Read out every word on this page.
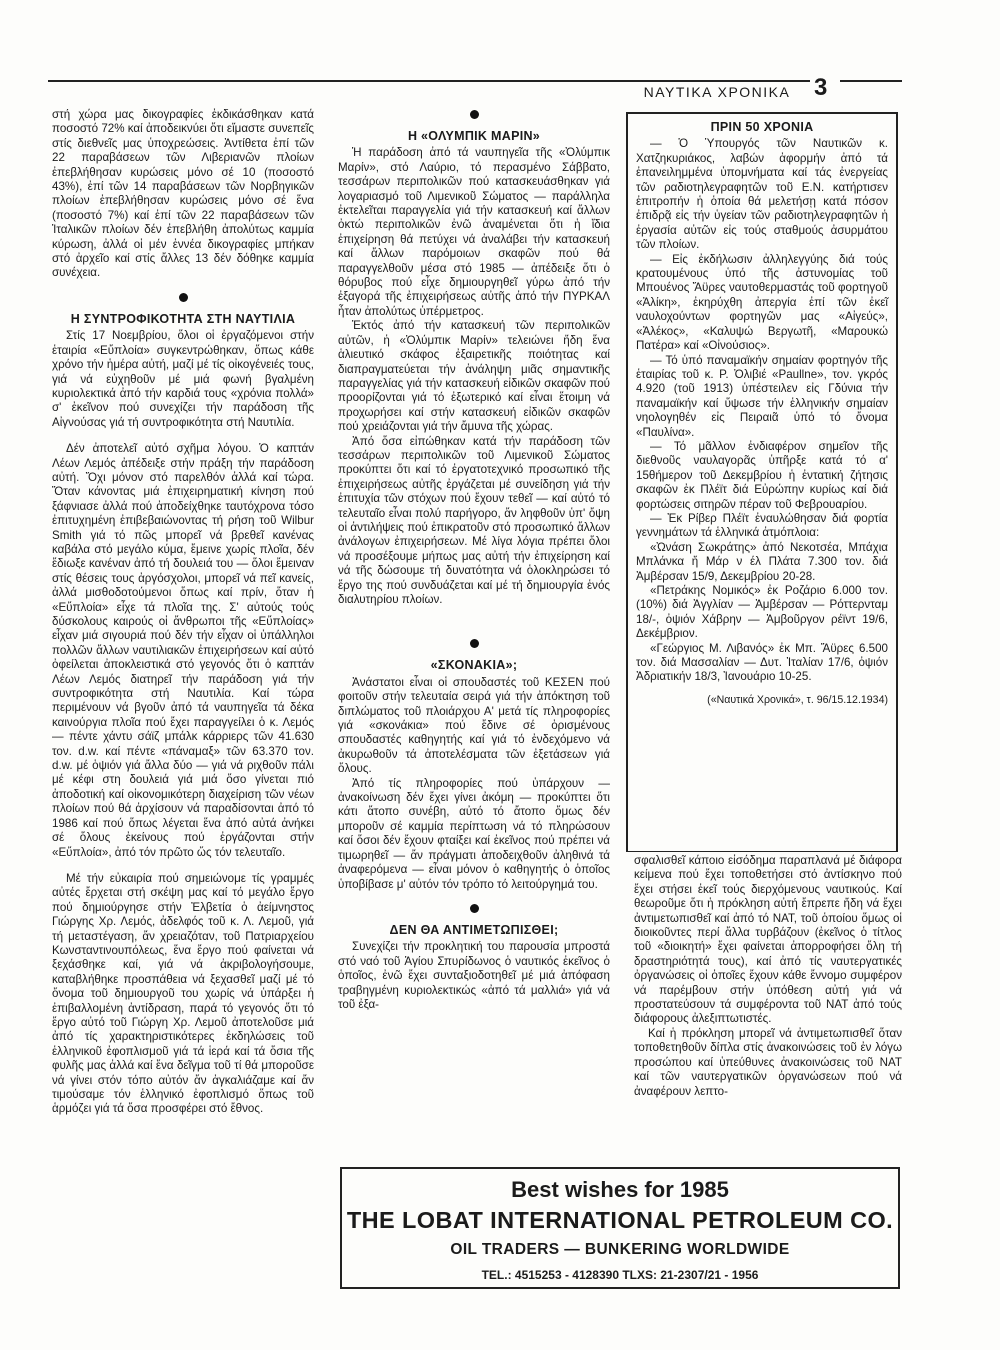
ΝΑΥΤΙΚΑ ΧΡΟΝΙΚΑ 3

στή χώρα μας δικογραφίες ἐκδικάσθηκαν κατά ποσοστό 72% καί ἀποδεικνύει ὅτι εἴμαστε συνεπεῖς στίς διεθνεῖς μας ὑποχρεώσεις. Ἀντίθετα ἐπί τῶν 22 παραβάσεων τῶν Λιβεριανῶν πλοίων ἐπεβλήθησαν κυρώσεις μόνο σέ 10 (ποσοστό 43%), ἐπί τῶν 14 παραβάσεων τῶν Νορβηγικῶν πλοίων ἐπεβλήθησαν κυρώσεις μόνο σέ ἕνα (ποσοστό 7%) καί ἐπί τῶν 22 παραβάσεων τῶν Ἰταλικῶν πλοίων δέν ἐπεβλήθη ἀπολύτως καμμία κύρωση, ἀλλά οἱ μέν ἐννέα δικογραφίες μπήκαν στό ἀρχεῖο καί στίς ἄλλες 13 δέν δόθηκε καμμία συνέχεια.

Η ΣΥΝΤΡΟΦΙΚΟΤΗΤΑ ΣΤΗ ΝΑΥΤΙΛΙΑ

Στίς 17 Νοεμβρίου, ὅλοι οἱ ἐργαζόμενοι στήν ἑταιρία «Εὔπλοία» συγκεντρώθηκαν, ὅπως κάθε χρόνο τήν ἡμέρα αὐτή, μαζί μέ τίς οἰκογένειές τους, γιά νά εὐχηθοῦν μέ μιά φωνή βγαλμένη κυριολεκτικά ἀπό τήν καρδιά τους «χρόνια πολλά» σ' ἐκεῖνον πού συνεχίζει τήν παράδοση τῆς Αἰγνούσας γιά τή συντροφικότητα στή Ναυτιλία.

Δέν ἀποτελεῖ αὐτό σχῆμα λόγου. Ὁ καπτάν Λέων Λεμός ἀπέδειξε στήν πράξη τήν παράδοση αὐτή. Ὄχι μόνον στό παρελθόν ἀλλά καί τώρα. Ὅταν κάνοντας μιά ἐπιχειρηματική κίνηση πού ξάφνιασε ἀλλά πού ἀποδείχθηκε ταυτόχρονα τόσο ἐπιτυχημένη ἐπιβεβαιώνοντας τή ρήση τοῦ Wilbur Smith γιά τό πῶς μπορεῖ νά βρεθεῖ κανένας καβάλα στό μεγάλο κύμα, ἔμεινε χωρίς πλοῖα, δέν ἔδιωξε κανέναν ἀπό τή δουλειά του — ὅλοι ἔμειναν στίς θέσεις τους ἀργόσχολοι, μπορεῖ νά πεῖ κανείς, ἀλλά μισθοδοτούμενοι ὅπως καί πρίν, ὅταν ἡ «Εὔπλοία» εἶχε τά πλοῖα της. Σ' αὐτούς τούς δύσκολους καιρούς οἱ ἄνθρωποι τῆς «Εὔπλοίας» εἶχαν μιά σιγουριά πού δέν τήν εἶχαν οἱ ὑπάλληλοι πολλῶν ἄλλων ναυτιλιακῶν ἐπιχειρήσεων καί αὐτό ὀφείλεται ἀποκλειστικά στό γεγονός ὅτι ὁ καπτάν Λέων Λεμός διατηρεῖ τήν παράδοση γιά τήν συντροφικότητα στή Ναυτιλία. Καί τώρα περιμένουν νά βγοῦν ἀπό τά ναυπηγεῖα τά δέκα καινούργια πλοῖα πού ἔχει παραγγείλει ὁ κ. Λεμός — πέντε χάντυ σάϊζ μπάλκ κάρριερς τῶν 41.630 τον. d.w. καί πέντε «πάναμαξ» τῶν 63.370 τον. d.w. μέ ὁψιόν γιά ἄλλα δύο — γιά νά ριχθοῦν πάλι μέ κέφι στη δουλειά γιά μιά ὅσο γίνεται πιό ἀποδοτική καί οἰκονομικότερη διαχείριση τῶν νέων πλοίων πού θά ἀρχίσουν νά παραδίσονται ἀπό τό 1986 καί πού ὅπως λέγεται ἕνα ἀπό αὐτά ἀνήκει σέ ὅλους ἐκείνους πού ἐργάζονται στήν «Εὔπλοία», ἀπό τόν πρῶτο ὥς τόν τελευταῖο.

Μέ τήν εὐκαιρία πού σημειώνομε τίς γραμμές αὐτές ἔρχεται στή σκέψη μας καί τό μεγάλο ἔργο πού δημιούργησε στήν Ἐλβετία ὁ ἀείμνηστος Γιώργης Χρ. Λεμός, ἀδελφός τοῦ κ. Λ. Λεμοῦ, γιά τή μεταστέγαση, ἄν χρειαζόταν, τοῦ Πατριαρχείου Κωνσταντινουπόλεως, ἕνα ἔργο πού φαίνεται νά ξεχάσθηκε καί, γιά νά ἀκριβολογήσουμε, καταβλήθηκε προσπάθεια νά ξεχασθεῖ μαζί μέ τό ὄνομα τοῦ δημιουργοῦ του χωρίς νά ὑπάρξει ἡ ἐπιβαλλομένη ἀντίδραση, παρά τό γεγονός ὅτι τό ἔργο αὐτό τοῦ Γιώργη Χρ. Λεμοῦ ἀποτελοῦσε μιά ἀπό τίς χαρακτηριστικότερες ἐκδηλώσεις τοῦ ἑλληνικοῦ ἐφοπλισμοῦ γιά τά ἱερά καί τά ὅσια τῆς φυλῆς μας ἀλλά καί ἕνα δεῖγμα τοῦ τί θά μποροῦσε νά γίνει στόν τόπο αὐτόν ἄν ἀγκαλιάζαμε καί ἄν τιμούσαμε τόν ἑλληνικό ἐφοπλισμό ὅπως τοῦ ἁρμόζει γιά τά ὅσα προσφέρει στό ἔθνος.

Η «ΟΛΥΜΠΙΚ ΜΑΡΙΝ»

Ἡ παράδοση ἀπό τά ναυπηγεῖα τῆς «Ὀλύμπικ Μαρίν», στό Λαύριο, τό περασμένο Σάββατο, τεσσάρων περιπολικῶν πού κατασκευάσθηκαν γιά λογαριασμό τοῦ Λιμενικοῦ Σώματος — παράλληλα ἐκτελεῖται παραγγελία γιά τήν κατασκευή καί ἄλλων ὀκτώ περιπολικῶν ἐνῶ ἀναμένεται ὅτι ἡ ἴδια ἐπιχείρηση θά πετύχει νά ἀναλάβει τήν κατασκευή καί ἄλλων παρόμοιων σκαφῶν πού θά παραγγελθοῦν μέσα στό 1985 — ἀπέδειξε ὅτι ὁ θόρυβος πού εἶχε δημιουργηθεῖ γύρω ἀπό τήν ἐξαγορά τῆς ἐπιχειρήσεως αὐτῆς ἀπό τήν ΠΥΡΚΑΛ ἦταν ἀπολύτως ὑπέρμετρος.

Ἐκτός ἀπό τήν κατασκευή τῶν περιπολικῶν αὐτῶν, ἡ «Ὀλύμπικ Μαρίν» τελειώνει ἤδη ἕνα ἁλιευτικό σκάφος ἐξαιρετικῆς ποιότητας καί διαπραγματεύεται τήν ἀνάληψη μιᾶς σημαντικῆς παραγγελίας γιά τήν κατασκευή εἰδικῶν σκαφῶν πού προορίζονται γιά τό ἐξωτερικό καί εἶναι ἕτοιμη νά προχωρήσει καί στήν κατασκευή εἰδικῶν σκαφῶν πού χρειάζονται γιά τήν ἄμυνα τῆς χώρας.

Ἀπό ὅσα εἰπώθηκαν κατά τήν παράδοση τῶν τεσσάρων περιπολικῶν τοῦ Λιμενικοῦ Σώματος προκύπτει ὅτι καί τό ἐργατοτεχνικό προσωπικό τῆς ἐπιχειρήσεως αὐτῆς ἐργάζεται μέ συνείδηση γιά τήν ἐπιτυχία τῶν στόχων πού ἔχουν τεθεῖ — καί αὐτό τό τελευταῖο εἶναι πολύ παρήγορο, ἄν ληφθοῦν ὑπ' ὄψη οἱ ἀντιλήψεις πού ἐπικρατοῦν στό προσωπικό ἄλλων ἀνάλογων ἐπιχειρήσεων. Μέ λίγα λόγια πρέπει ὅλοι νά προσέξουμε μήπως μας αὐτή τήν ἐπιχείρηση καί νά τῆς δώσουμε τή δυνατότητα νά ὁλοκληρώσει τό ἔργο της πού συνδυάζεται καί μέ τή δημιουργία ἑνός διαλυτηρίου πλοίων.

«ΣΚΟΝΑΚΙΑ»;

Ἀνάστατοι εἶναι οἱ σπουδαστές τοῦ ΚΕΣΕΝ πού φοιτοῦν στήν τελευταία σειρά γιά τήν ἀπόκτηση τοῦ διπλώματος τοῦ πλοιάρχου Α' μετά τίς πληροφορίες γιά «σκονάκια» πού ἔδινε σέ ὁρισμένους σπουδαστές καθηγητής καί γιά τό ἐνδεχόμενο νά ἀκυρωθοῦν τά ἀποτελέσματα τῶν ἐξετάσεων γιά ὅλους.

Ἀπό τίς πληροφορίες πού ὑπάρχουν — ἀνακοίνωση δέν ἔχει γίνει ἀκόμη — προκύπτει ὅτι κάτι ἄτοπο συνέβη, αὐτό τό ἄτοπο ὅμως δέν μποροῦν σέ καμμία περίπτωση νά τό πληρώσουν καί ὅσοι δέν ἔχουν φταίξει καί ἐκεῖνος πού πρέπει νά τιμωρηθεῖ — ἄν πράγματι ἀποδειχθοῦν ἀληθινά τά ἀναφερόμενα — εἶναι μόνον ὁ καθηγητής ὁ ὁποῖος ὑποβίβασε μ' αὐτόν τόν τρόπο τό λειτούργημά του.

ΔΕΝ ΘΑ ΑΝΤΙΜΕΤΩΠΙΣΘΕΙ;

Συνεχίζει τήν προκλητική του παρουσία μπροστά στό ναό τοῦ Ἁγίου Σπυρίδωνος ὁ ναυτικός ἐκεῖνος ὁ ὁποῖος, ἐνῶ ἔχει συνταξιοδοτηθεῖ μέ μιά ἀπόφαση τραβηγμένη κυριολεκτικώς «ἀπό τά μαλλιά» γιά νά τοῦ ἐξα-

ΠΡΙΝ 50 ΧΡΟΝΙΑ

— Ὁ Ὑπουργός τῶν Ναυτικῶν κ. Χατζηκυριάκος, λαβών ἀφορμήν ἀπό τά ἐπανειλημμένα ὑπομνήματα καί τάς ἐνεργείας τῶν ραδιοτηλεγραφητῶν τοῦ Ε.Ν. κατήρτισεν ἐπιτροπήν ἡ ὁποία θά μελετήσῃ κατά πόσον ἐπιδρᾷ εἰς τήν ὑγείαν τῶν ραδιοτηλεγραφητῶν ἡ ἐργασία αὐτῶν εἰς τούς σταθμούς ἀσυρμάτου τῶν πλοίων.

— Εἰς ἐκδήλωσιν ἀλληλεγγύης διά τούς κρατουμένους ὑπό τῆς ἀστυνομίας τοῦ Μπουένος Ἄϋρες ναυτοθερμαστάς τοῦ φορτηγοῦ «Ἀλίκη», ἐκηρύχθη ἀπεργία ἐπί τῶν ἐκεῖ ναυλοχούντων φορτηγῶν μας «Αἰγεύς», «Ἀλέκος», «Καλυψώ Βεργωτῆ, «Μαρουκώ Πατέρα» καί «Οἰνούσιος».

— Τό ὑπό παναμαϊκήν σημαίαν φορτηγόν τῆς ἑταιρίας τοῦ κ. Ρ. Ὀλιβιέ «Paullne», τον. γκρός 4.920 (τοῦ 1913) ὑπέστειλεν εἰς Γδύνια τήν παναμαϊκήν καί ὕψωσε τήν ἑλληνικήν σημαίαν νηολογηθέν εἰς Πειραιᾶ ὑπό τό ὄνομα «Παυλίνα».

— Τό μᾶλλον ἐνδιαφέρον σημεῖον τῆς διεθνοῦς ναυλαγορᾶς ὑπῆρξε κατά τό α' 15θήμερον τοῦ Δεκεμβρίου ἡ ἐντατική ζήτησις σκαφῶν ἐκ Πλέϊτ διά Εὐρώπην κυρίως καί διά φορτώσεις σιτηρῶν πέραν τοῦ Φεβρουαρίου.

— Ἐκ Ρίβερ Πλέϊτ ἐναυλώθησαν διά φορτία γεννημάτων τά ἑλληνικά ἀτμόπλοια:

«Ὠνάση Σωκράτης» ἀπό Νεκοτσέα, Μπάχια Μπλάνκα ἤ Μάρ ν έλ Πλάτα 7.300 τον. διά Ἀμβέρσαν 15/9, Δεκεμβρίου 20-28.

«Πετράκης Νομικός» ἐκ Ροζάριο 6.000 τον. (10%) διά Ἀγγλίαν — Ἀμβέρσαν — Ρόττερνταμ 18/-, ὀψιόν Χάβρην — Ἀμβοῦργον ρέϊντ 19/6, Δεκέμβριον.

«Γεώργιος Μ. Λιβανός» ἐκ Μπ. Ἄϋρες 6.500 τον. διά Μασσαλίαν — Δυτ. Ἰταλίαν 17/6, ὀψιόν Ἀδριατικήν 18/3, Ἰανουάριο 10-25.

(«Ναυτικά Χρονικά», τ. 96/15.12.1934)

σφαλισθεῖ κάποιο εἰσόδημα παραπλανά μέ διάφορα κείμενα πού ἔχει τοποθετήσει στό ἀντίσκηνο πού ἔχει στήσει ἐκεῖ τούς διερχόμενους ναυτικούς. Καί θεωροῦμε ὅτι ἡ πρόκληση αὐτή ἔπρεπε ἤδη νά ἔχει ἀντιμετωπισθεῖ καί ἀπό τό ΝΑΤ, τοῦ ὁποίου ὅμως οἱ διοικοῦντες περί ἄλλα τυρβάζουν (ἐκεῖνος ὁ τίτλος τοῦ «διοικητή» ἔχει φαίνεται ἀπορροφήσει ὅλη τή δραστηριότητά τους), καί ἀπό τίς ναυτεργατικές ὀργανώσεις οἱ ὁποῖες ἔχουν κάθε ἔννομο συμφέρον νά παρέμβουν στήν ὑπόθεση αὐτή γιά νά προστατεύσουν τά συμφέροντα τοῦ ΝΑΤ ἀπό τούς διάφορους ἀλεξιπτωτιστές.

Καί ἡ πρόκληση μπορεῖ νά ἀντιμετωπισθεῖ ὅταν τοποθετηθοῦν δίπλα στίς ἀνακοινώσεις τοῦ ἐν λόγω προσώπου καί ὑπεύθυνες ἀνακοινώσεις τοῦ ΝΑΤ καί τῶν ναυτεργατικῶν ὀργανώσεων πού νά ἀναφέρουν λεπτο-

Best wishes for 1985
THE LOBAT INTERNATIONAL PETROLEUM CO.
OIL TRADERS — BUNKERING WORLDWIDE
TEL.: 4515253 - 4128390 TLXS: 21-2307/21 - 1956
